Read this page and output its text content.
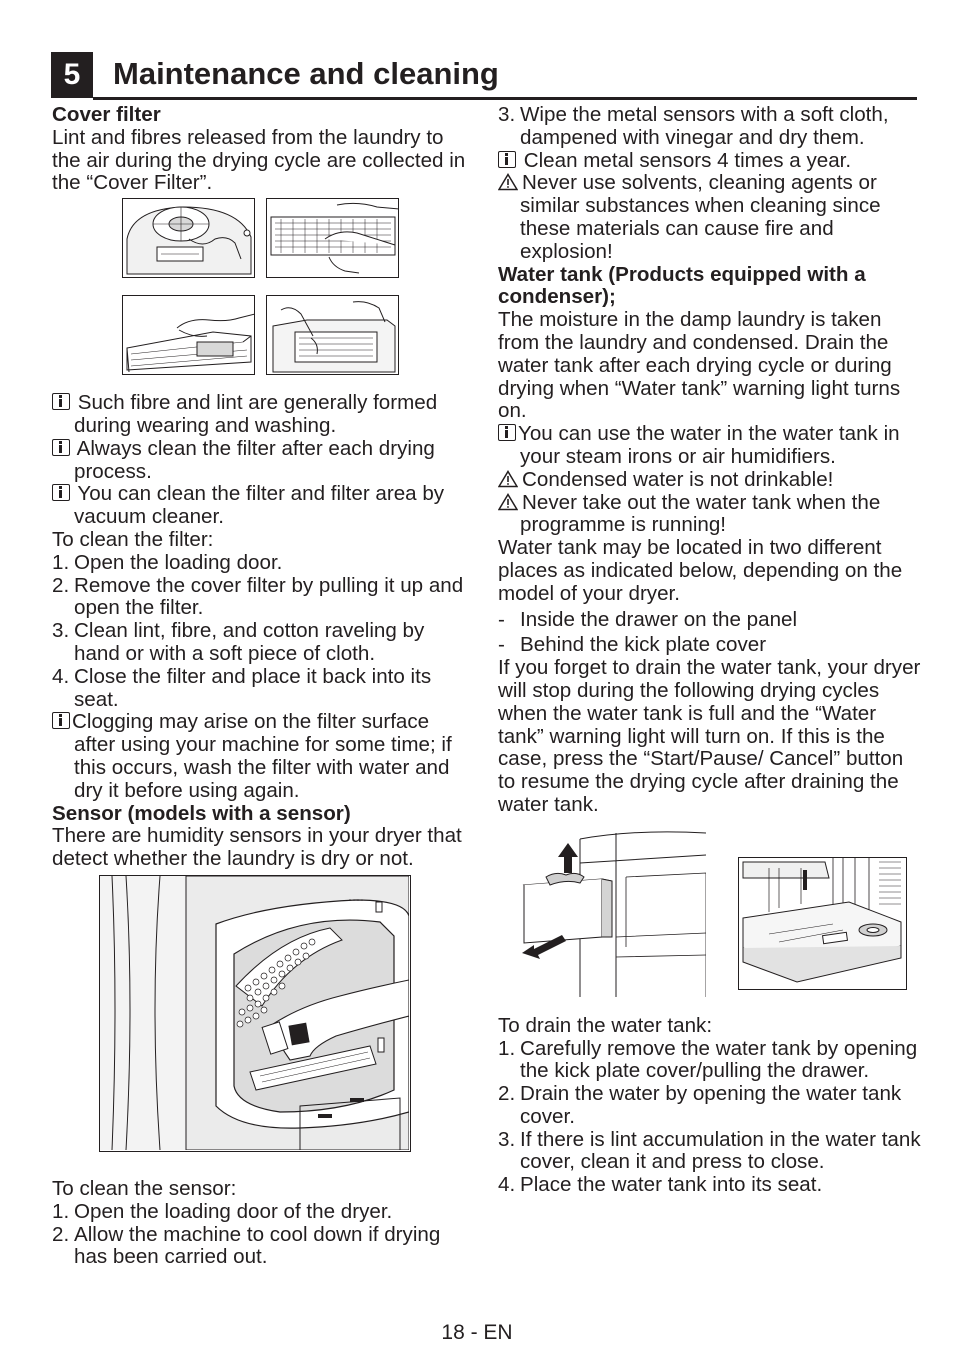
5	Maintenance and cleaning

Cover filter

Lint and fibres released from the laundry to the air during the drying cycle are collected in the “Cover Filter”.

Such fibre and lint are generally formed during wearing and washing.

Always clean the filter after each drying process.

You can clean the filter and filter area by vacuum cleaner.

To clean the filter:

1. Open the loading door.
2. Remove the cover filter by pulling it up and open the filter.
3. Clean lint, fibre, and cotton raveling by hand or with a soft piece of cloth.
4. Close the filter and place it back into its seat.

Clogging may arise on the filter surface after using your machine for some time; if this occurs, wash the filter with water and dry it before using again.

Sensor (models with a sensor)

There are humidity sensors in your dryer that detect whether the laundry is dry or not.

To clean the sensor:

1. Open the loading door of the dryer.
2. Allow the machine to cool down if drying has been carried out.
3. Wipe the metal sensors with a soft cloth, dampened with vinegar and dry them.

Clean metal sensors 4 times a year.

Never use solvents, cleaning agents or similar substances when cleaning since these materials can cause fire and explosion!

Water tank (Products equipped with a condenser);

The moisture in the damp laundry is taken from the laundry and condensed. Drain the water tank after each drying cycle or during drying when “Water tank” warning light turns on.

You can use the water in the water tank in your steam irons or air humidifiers.

Condensed water is not drinkable!

Never take out the water tank when the programme is running!

Water tank may be located in two different places as indicated below, depending on the model of your dryer.

- Inside the drawer on the panel
- Behind the kick plate cover

If you forget to drain the water tank, your dryer will stop during the following drying cycles when the water tank is full and the “Water tank” warning light will turn on. If this is the case, press the “Start/Pause/ Cancel” button to resume the drying cycle after draining the water tank.

To drain the water tank:

1. Carefully remove the water tank by opening the kick plate cover/pulling the drawer.
2. Drain the water by opening the water tank cover.
3. If there is lint accumulation in the water tank cover, clean it and press to close.
4. Place the water tank into its seat.
18 - EN
